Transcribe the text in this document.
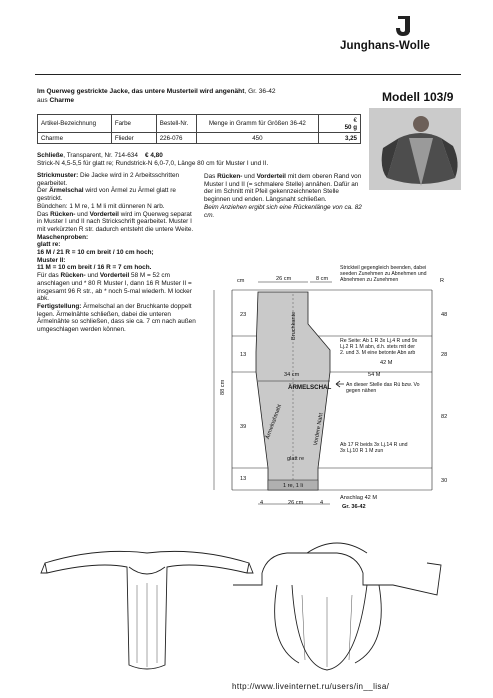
Junghans-Wolle
Im Querweg gestrickte Jacke, das untere Musterteil wird angenäht, Gr. 36-42
aus Charme	Modell 103/9
Artikel-Bezeichnung	Farbe	Bestell-Nr.	Menge in Gramm für Größen 36-42	€
50 g
Charme	Flieder	226-076	450	3,25
Schließe, Transparent, Nr. 714-634 € 4,80
Strick-N 4,5-5,5 für glatt re; Rundstrick-N 6,0-7,0, Länge 80 cm für Muster I und II.

Strickmuster: Die Jacke wird in 2 Arbeitsschritten gearbeitet.

Der Ärmelschal wird von Ärmel zu Ärmel glatt re gestrickt.

Bündchen: 1 M re, 1 M li mit dünneren N arb.

Das Rücken- und Vorderteil wird im Querweg separat in Muster I und II nach Strickschrift gearbeitet. Muster I mit verkürzten R str. dadurch entsteht die untere Weite.

Maschenproben:

glatt re:

16 M / 21 R = 10 cm breit / 10 cm hoch;

Muster II:

11 M = 10 cm breit / 16 R = 7 cm hoch.

Für das Rücken- und Vorderteil 58 M = 52 cm anschlagen und * 80 R Muster I, dann 16 R Muster II = insgesamt 96 R str., ab * noch 5-mal wiederh. M locker abk.

Fertigstellung: Ärmelschal an der Bruchkante doppelt legen. Ärmelnähte schließen, dabei die unteren Ärmelnähte so schließen, dass sie ca. 7 cm nach außen umgeschlagen werden können.

Das Rücken- und Vorderteil mit dem oberen Rand von Muster I und II (= schmalere Stelle) annähen. Dafür an der im Schnitt mit Pfeil gekennzeichneten Stelle beginnen und enden. Längsnaht schließen.

Beim Anziehen ergibt sich eine Rückenlänge von ca. 82 cm.

cm	R
26 cm	8 cm
Strickteil gegengleich beenden, dabei
seeden Zunehmen zu Abnehmen und
Abnehmen zu Zunehmen
23
13
39
13
48
28
82
30
88 cm
42 M
34 cm	54 M
Re Seite: Ab 1 R 3x Lj.4 R und 9x
Lj.2 R 1 M abn, d.h. stets mit der
2. und 3. M eine betonte Abn arb
An dieser Stelle das Rü bzw. Vo
gegen nähen
Ab 17 R beids 3x Lj.14 R und
3x Lj.10 R 1 M zun
Bruchkante
Ärmelnahtnaht	Vordere Naht
ÄRMELSCHAL
glatt re
1 re, 1 li
Anschlag 42 M
Gr. 36-42
4	26 cm	4
http://www.liveinternet.ru/users/in__lisa/
